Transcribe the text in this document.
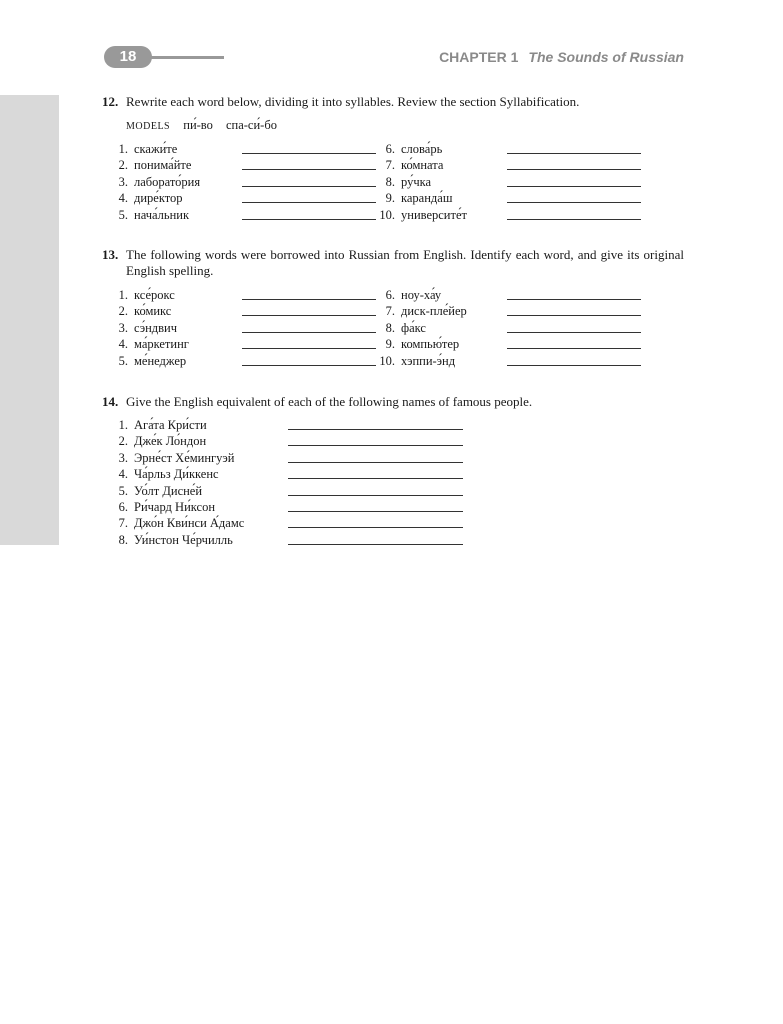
18	CHAPTER 1 The Sounds of Russian
12. Rewrite each word below, dividing it into syllables. Review the section Syllabification.
MODELS пи́-во спа-си́-бо
1. скажи́те
2. понима́йте
3. лаборато́рия
4. дире́ктор
5. нача́льник
6. слова́рь
7. ко́мната
8. ру́чка
9. каранда́ш
10. университе́т
13. The following words were borrowed into Russian from English. Identify each word, and give its original English spelling.
1. ксе́рокс
2. ко́микс
3. сэ́ндвич
4. ма́ркетинг
5. ме́неджер
6. ноу-ха́у
7. диск-пле́йер
8. фа́кс
9. компью́тер
10. хэппи-э́нд
14. Give the English equivalent of each of the following names of famous people.
1. Ага́та Кри́сти
2. Дже́к Ло́ндон
3. Эрне́ст Хе́мингуэй
4. Ча́рльз Ди́ккенс
5. Уо́лт Дисне́й
6. Ри́чард Ни́ксон
7. Джо́н Кви́нси А́дамс
8. Уи́нстон Че́рчилль
